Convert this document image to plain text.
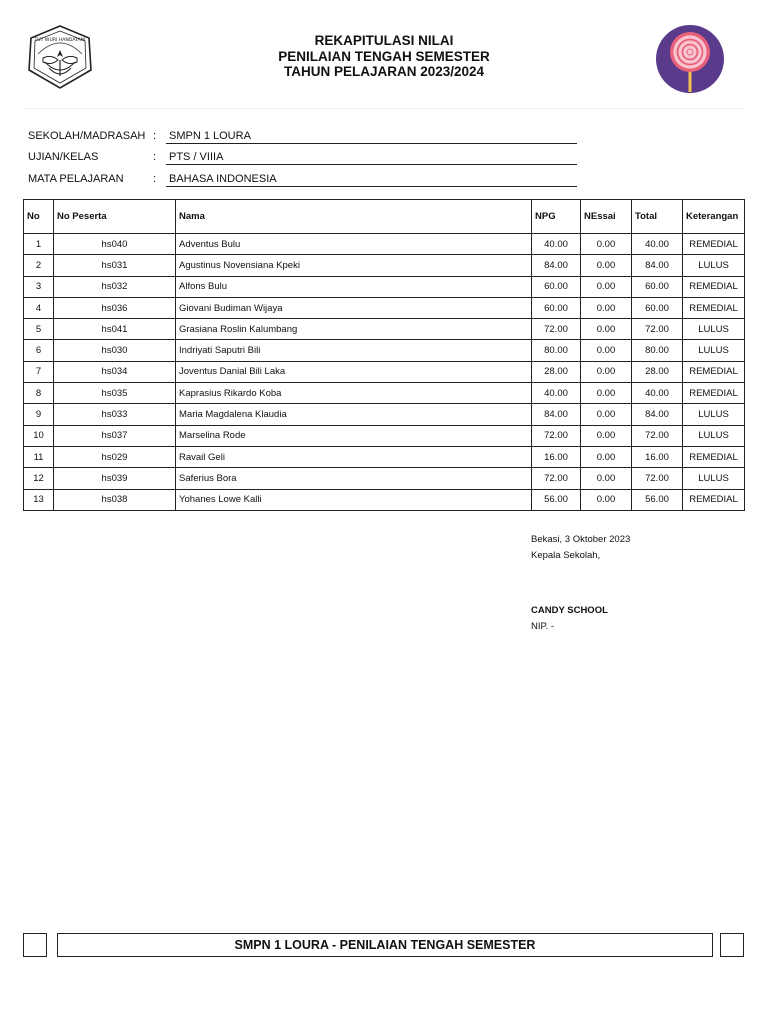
TUT WURI HANDAYANI	REKAPITULASI NILAI
PENILAIAN TENGAH SEMESTER
TAHUN PELAJARAN 2023/2024
SEKOLAH/MADRASAH : SMPN 1 LOURA
UJIAN/KELAS	: PTS / VIIIA
MATA PELAJARAN	: BAHASA INDONESIA
No	No Peserta	Nama	NPG	NEssai	Total	Keterangan
1	hs040	Adventus Bulu	40.00	0.00	40.00	REMEDIAL
2	hs031	Agustinus Novensiana Kpeki	84.00	0.00	84.00	LULUS
3	hs032	Alfons Bulu	60.00	0.00	60.00	REMEDIAL
4	hs036	Giovani Budiman Wijaya	60.00	0.00	60.00	REMEDIAL
5	hs041	Grasiana Roslin Kalumbang	72.00	0.00	72.00	LULUS
6	hs030	Indriyati Saputri Bili	80.00	0.00	80.00	LULUS
7	hs034	Joventus Danial Bili Laka	28.00	0.00	28.00	REMEDIAL
8	hs035	Kaprasius Rikardo Koba	40.00	0.00	40.00	REMEDIAL
9	hs033	Maria Magdalena Klaudia	84.00	0.00	84.00	LULUS
10	hs037	Marselina Rode	72.00	0.00	72.00	LULUS
11	hs029	Ravail Geli	16.00	0.00	16.00	REMEDIAL
12	hs039	Saferius Bora	72.00	0.00	72.00	LULUS
13	hs038	Yohanes Lowe Kalli	56.00	0.00	56.00	REMEDIAL
Bekasi, 3 Oktober 2023
Kepala Sekolah,
CANDY SCHOOL
NIP. -
SMPN 1 LOURA - PENILAIAN TENGAH SEMESTER
